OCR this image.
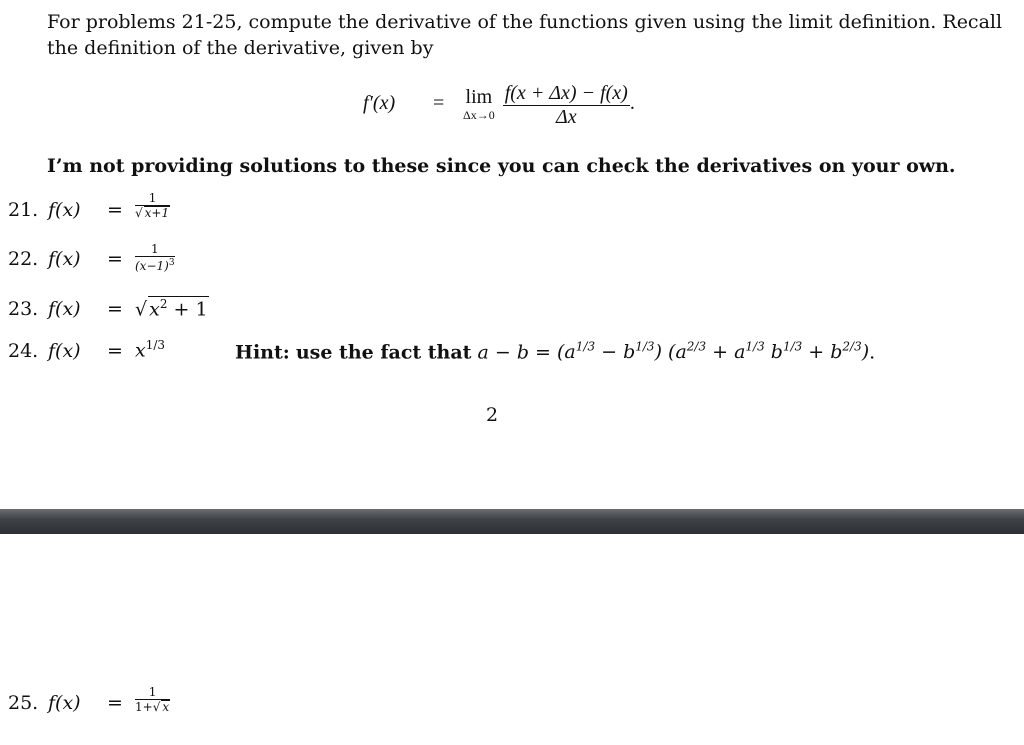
For problems 21-25, compute the derivative of the functions given using the limit definition. Recall
the definition of the derivative, given by
f′(x)	=	lim
$\Delta x\to 0 \frac{f(x + \Delta x) - f(x)}{\Delta x}$ .
I’m not providing solutions to these since you can check the derivatives on your own.
21. $f(x) = \frac{1}{√ x+1}$
22. $f(x) = \frac{1}{(x-1)^3}$
23. f(x) = √ $x^2 + 1$
24. $f(x) = x^{1/3}$	Hint: use the fact that $a - b = (a^{1/3} - b^{1/3}) (a^{2/3} + a^{1/3}$ $b^{1/3} + b^{2/3}$).
2
25. $f(x) = \frac{1}{1+√ x}$
